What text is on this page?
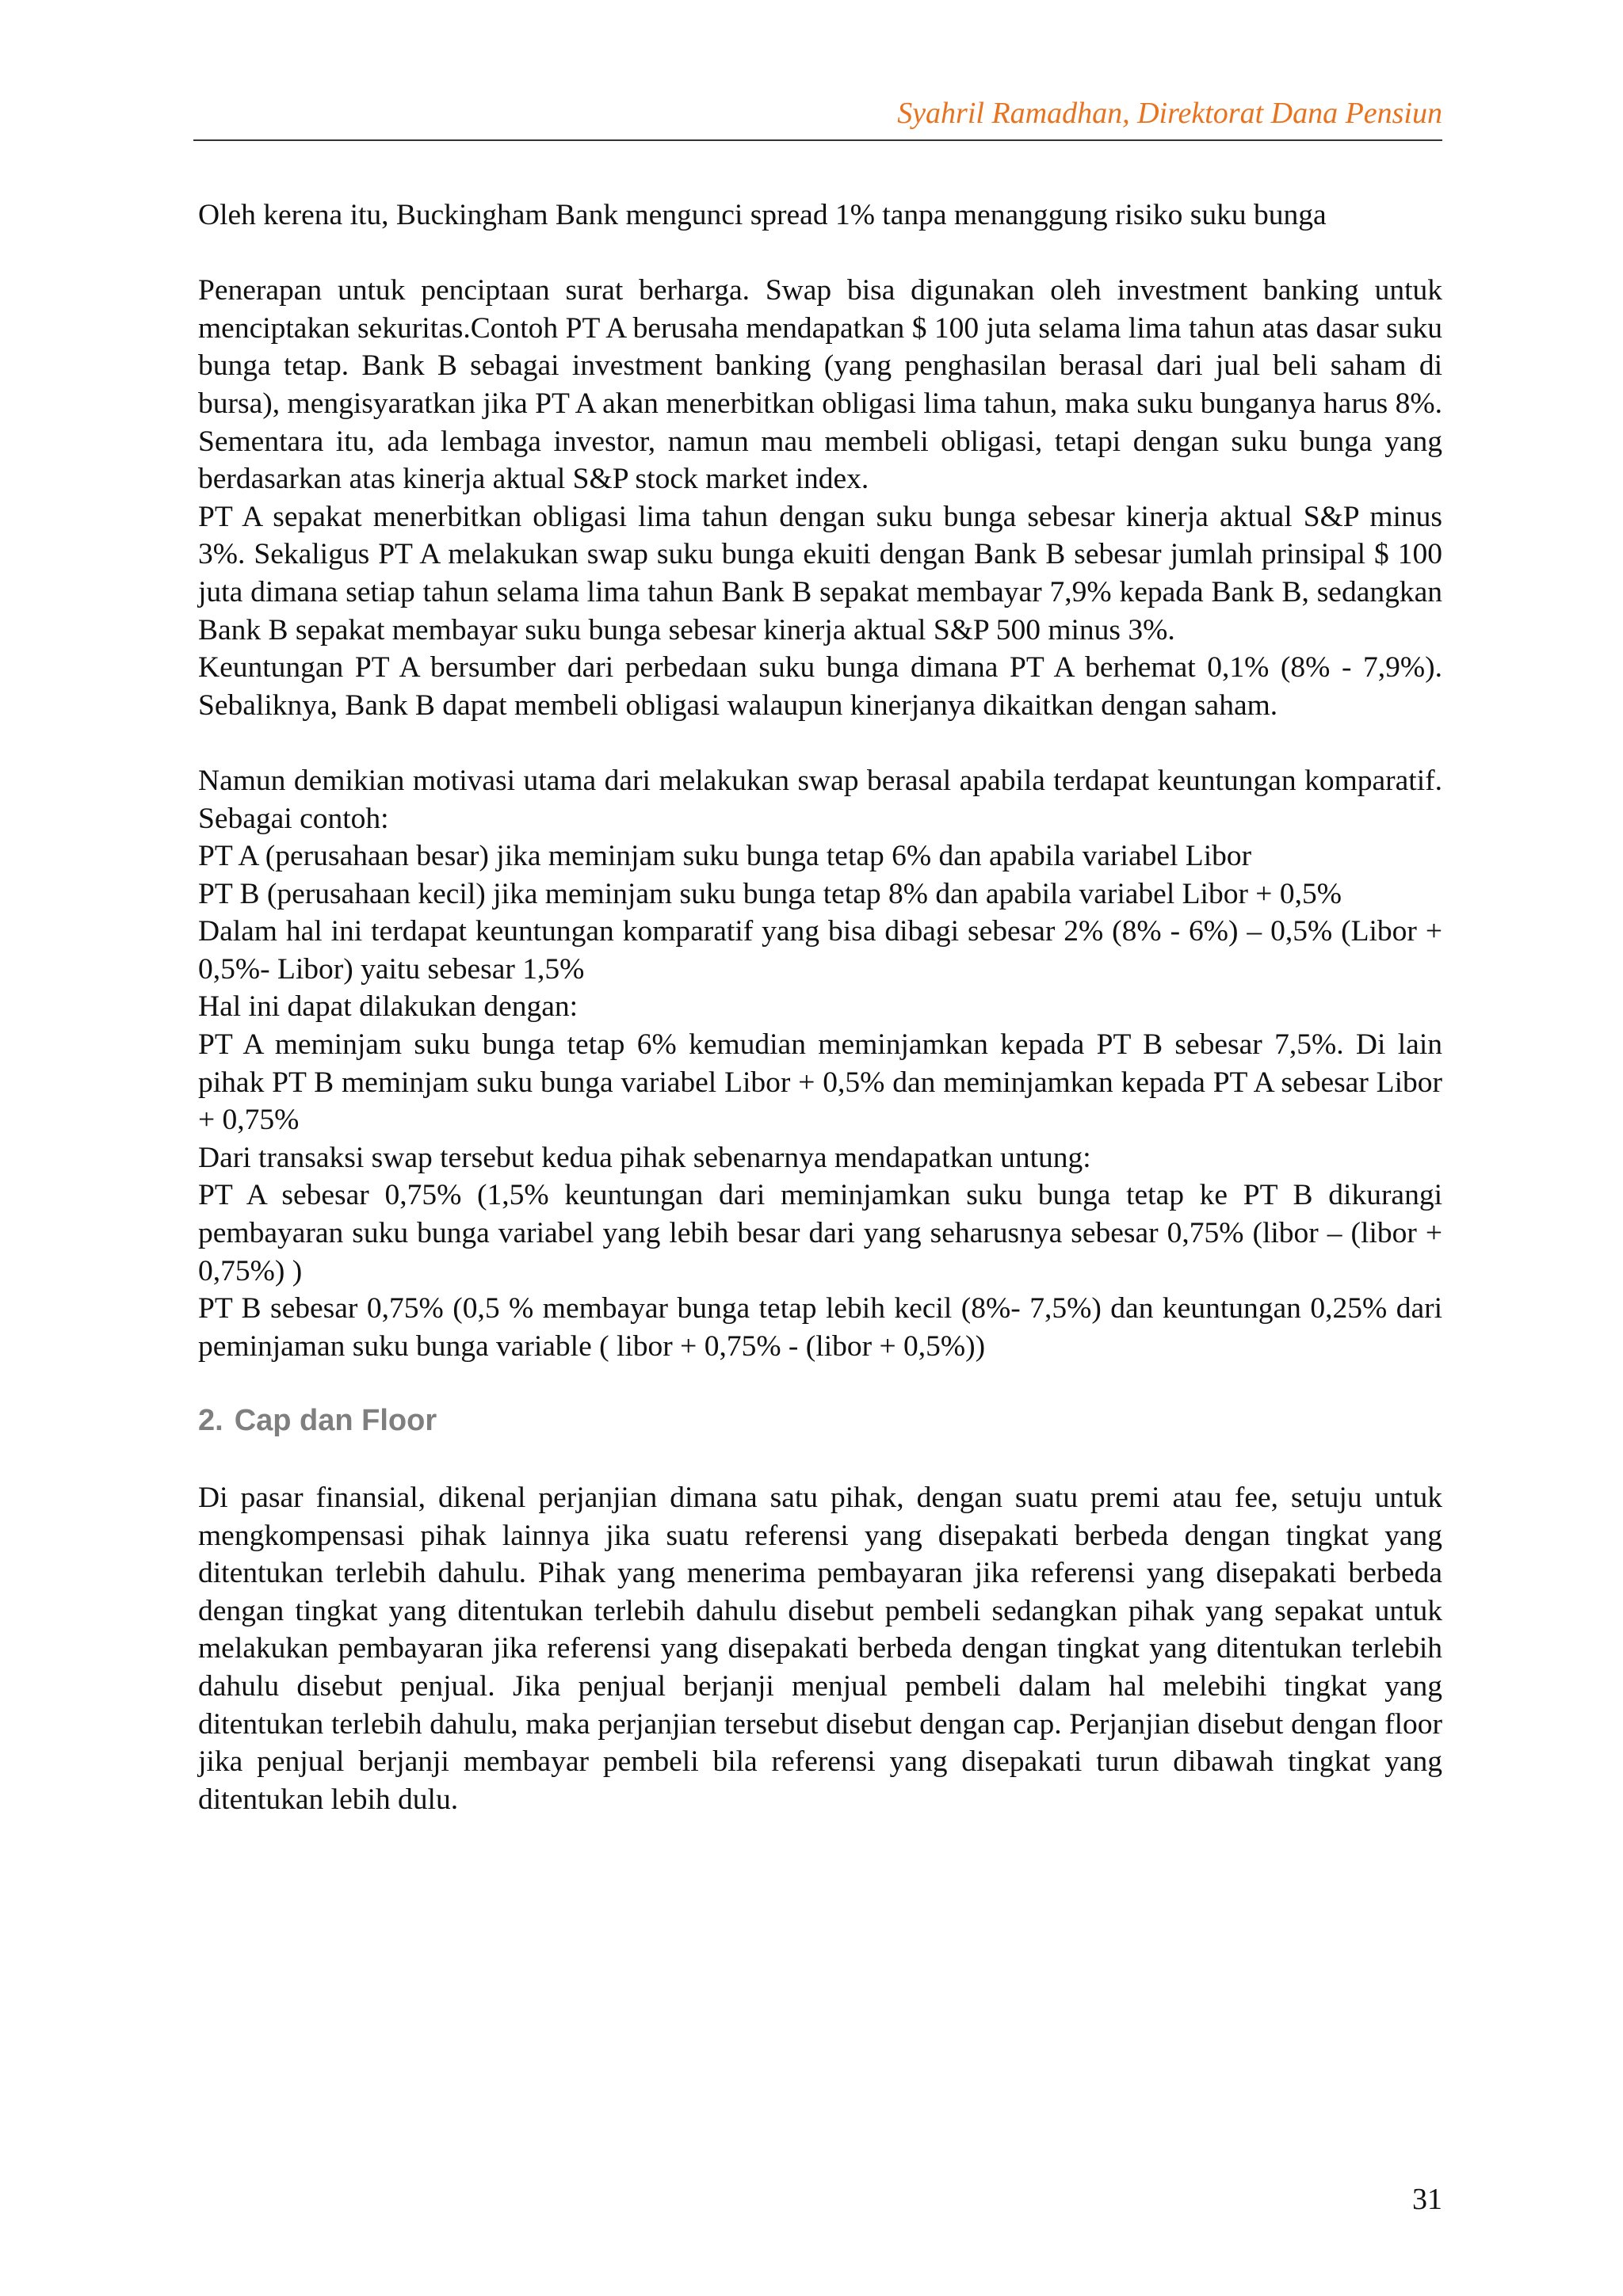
Syahril Ramadhan, Direktorat Dana Pensiun

Oleh kerena itu, Buckingham Bank mengunci spread 1% tanpa menanggung risiko suku bunga

Penerapan untuk penciptaan surat berharga. Swap bisa digunakan oleh investment banking untuk menciptakan sekuritas.Contoh PT A berusaha mendapatkan $ 100 juta selama lima tahun atas dasar suku bunga tetap. Bank B sebagai investment banking (yang penghasilan berasal dari jual beli saham di bursa), mengisyaratkan jika PT A akan menerbitkan obligasi lima tahun, maka suku bunganya harus 8%. Sementara itu, ada lembaga investor, namun mau membeli obligasi, tetapi dengan suku bunga yang berdasarkan atas kinerja aktual S&P stock market index.

PT A sepakat menerbitkan obligasi lima tahun dengan suku bunga sebesar kinerja aktual S&P minus 3%. Sekaligus PT A melakukan swap suku bunga ekuiti dengan Bank B sebesar jumlah prinsipal $ 100 juta dimana setiap tahun selama lima tahun Bank B sepakat membayar 7,9% kepada Bank B, sedangkan Bank B sepakat membayar suku bunga sebesar kinerja aktual S&P 500 minus 3%.

Keuntungan PT A bersumber dari perbedaan suku bunga dimana PT A berhemat 0,1% (8% - 7,9%). Sebaliknya, Bank B dapat membeli obligasi walaupun kinerjanya dikaitkan dengan saham.

Namun demikian motivasi utama dari melakukan swap berasal apabila terdapat keuntungan komparatif. Sebagai contoh:

PT A (perusahaan besar) jika meminjam suku bunga tetap 6% dan apabila variabel Libor

PT B (perusahaan kecil) jika meminjam suku bunga tetap 8% dan apabila variabel Libor + 0,5%

Dalam hal ini terdapat keuntungan komparatif yang bisa dibagi sebesar 2% (8% - 6%) – 0,5% (Libor + 0,5%- Libor) yaitu sebesar 1,5%

Hal ini dapat dilakukan dengan:

PT A meminjam suku bunga tetap 6% kemudian meminjamkan kepada PT B sebesar 7,5%. Di lain pihak PT B meminjam suku bunga variabel Libor + 0,5% dan meminjamkan kepada PT A sebesar Libor + 0,75%

Dari transaksi swap tersebut kedua pihak sebenarnya mendapatkan untung:

PT A sebesar 0,75% (1,5% keuntungan dari meminjamkan suku bunga tetap ke PT B dikurangi pembayaran suku bunga variabel yang lebih besar dari yang seharusnya sebesar 0,75% (libor – (libor + 0,75%) )

PT B sebesar 0,75% (0,5 % membayar bunga tetap lebih kecil (8%- 7,5%) dan keuntungan 0,25% dari peminjaman suku bunga variable ( libor + 0,75% - (libor + 0,5%))

2. Cap dan Floor

Di pasar finansial, dikenal perjanjian dimana satu pihak, dengan suatu premi atau fee, setuju untuk mengkompensasi pihak lainnya jika suatu referensi yang disepakati berbeda dengan tingkat yang ditentukan terlebih dahulu. Pihak yang menerima pembayaran jika referensi yang disepakati berbeda dengan tingkat yang ditentukan terlebih dahulu disebut pembeli sedangkan pihak yang sepakat untuk melakukan pembayaran jika referensi yang disepakati berbeda dengan tingkat yang ditentukan terlebih dahulu disebut penjual. Jika penjual berjanji menjual pembeli dalam hal melebihi tingkat yang ditentukan terlebih dahulu, maka perjanjian tersebut disebut dengan cap. Perjanjian disebut dengan floor jika penjual berjanji membayar pembeli bila referensi yang disepakati turun dibawah tingkat yang ditentukan lebih dulu.

31
